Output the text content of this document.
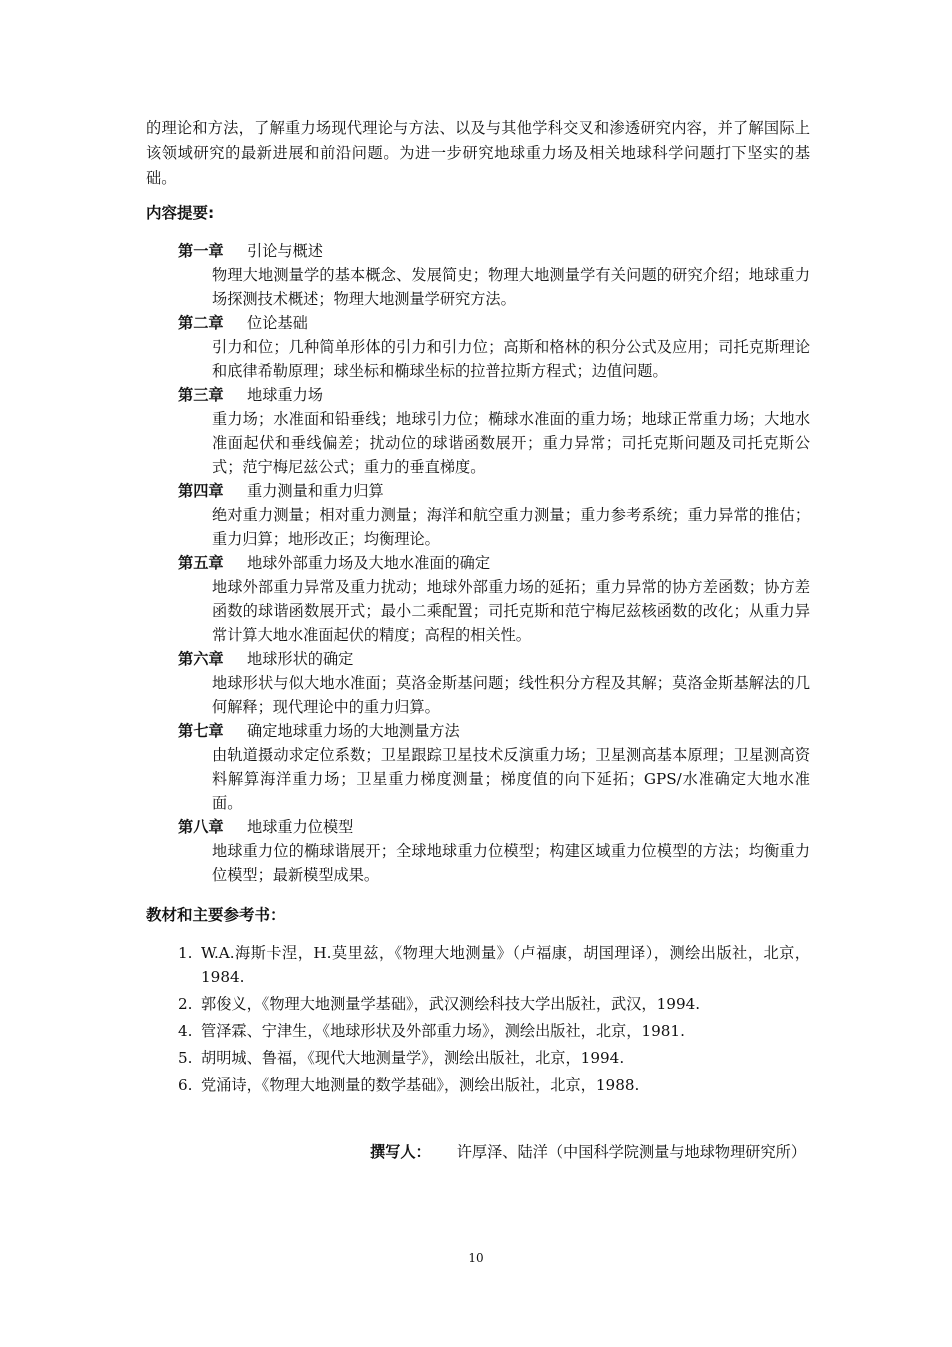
的理论和方法，了解重力场现代理论与方法、以及与其他学科交叉和渗透研究内容，并了解国际上该领域研究的最新进展和前沿问题。为进一步研究地球重力场及相关地球科学问题打下坚实的基础。
内容提要:
第一章 引论与概述
物理大地测量学的基本概念、发展简史；物理大地测量学有关问题的研究介绍；地球重力场探测技术概述；物理大地测量学研究方法。
第二章 位论基础
引力和位；几种简单形体的引力和引力位；高斯和格林的积分公式及应用；司托克斯理论和底律希勒原理；球坐标和椭球坐标的拉普拉斯方程式；边值问题。
第三章 地球重力场
重力场；水准面和铅垂线；地球引力位；椭球水准面的重力场；地球正常重力场；大地水准面起伏和垂线偏差；扰动位的球谐函数展开；重力异常；司托克斯问题及司托克斯公式；范宁梅尼兹公式；重力的垂直梯度。
第四章 重力测量和重力归算
绝对重力测量；相对重力测量；海洋和航空重力测量；重力参考系统；重力异常的推估；重力归算；地形改正；均衡理论。
第五章 地球外部重力场及大地水准面的确定
地球外部重力异常及重力扰动；地球外部重力场的延拓；重力异常的协方差函数；协方差函数的球谐函数展开式；最小二乘配置；司托克斯和范宁梅尼兹核函数的改化；从重力异常计算大地水准面起伏的精度；高程的相关性。
第六章 地球形状的确定
地球形状与似大地水准面；莫洛金斯基问题；线性积分方程及其解；莫洛金斯基解法的几何解释；现代理论中的重力归算。
第七章 确定地球重力场的大地测量方法
由轨道摄动求定位系数；卫星跟踪卫星技术反演重力场；卫星测高基本原理；卫星测高资料解算海洋重力场；卫星重力梯度测量；梯度值的向下延拓；GPS/水准确定大地水准面。
第八章 地球重力位模型
地球重力位的椭球谐展开；全球地球重力位模型；构建区域重力位模型的方法；均衡重力位模型；最新模型成果。
教材和主要参考书：
1. W.A.海斯卡涅，H.莫里兹，《物理大地测量》（卢福康，胡国理译），测绘出版社，北京，1984.
2. 郭俊义，《物理大地测量学基础》，武汉测绘科技大学出版社，武汉，1994.
4. 管泽霖、宁津生，《地球形状及外部重力场》，测绘出版社，北京，1981.
5. 胡明城、鲁福，《现代大地测量学》，测绘出版社，北京，1994.
6. 党涌诗，《物理大地测量的数学基础》，测绘出版社，北京，1988.
撰写人： 许厚泽、陆洋（中国科学院测量与地球物理研究所）
10
